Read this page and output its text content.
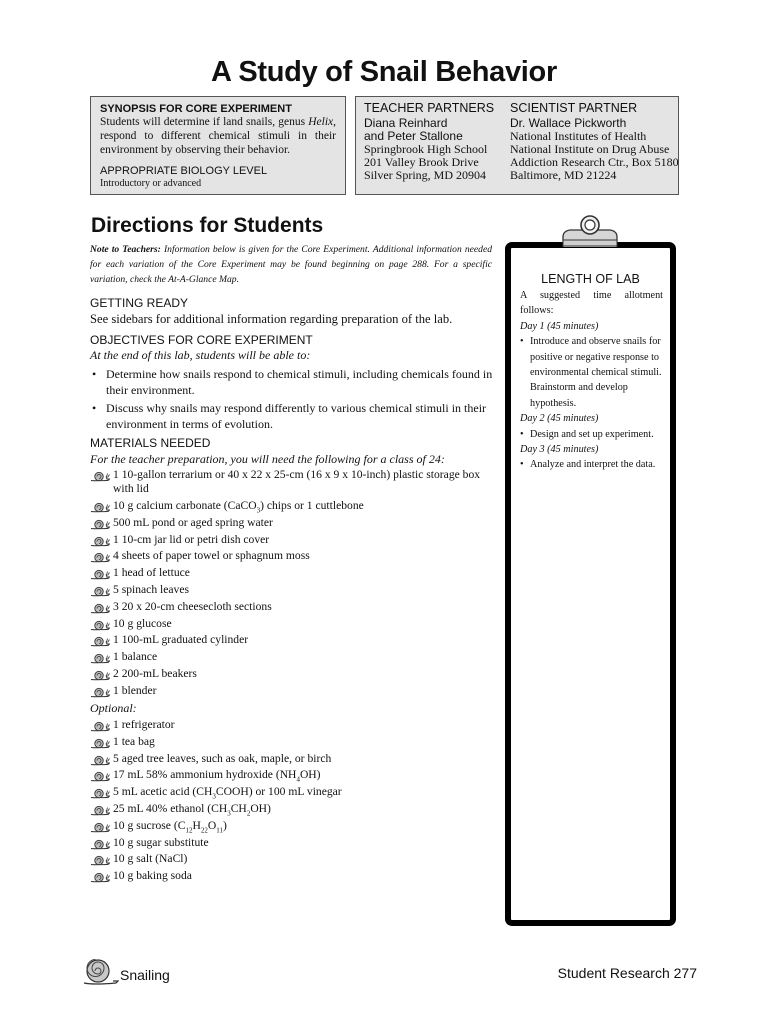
A Study of Snail Behavior
SYNOPSIS FOR CORE EXPERIMENT
Students will determine if land snails, genus Helix, respond to different chemical stimuli in their environment by observing their behavior.
APPROPRIATE BIOLOGY LEVEL
Introductory or advanced
TEACHER PARTNERS
Diana Reinhard
and Peter Stallone
Springbrook High School
201 Valley Brook Drive
Silver Spring, MD 20904
SCIENTIST PARTNER
Dr. Wallace Pickworth
National Institutes of Health
National Institute on Drug Abuse
Addiction Research Ctr., Box 5180
Baltimore, MD 21224
Directions for Students
Note to Teachers: Information below is given for the Core Experiment. Additional information needed for each variation of the Core Experiment may be found beginning on page 288. For a specific variation, check the At-A-Glance Map.
GETTING READY
See sidebars for additional information regarding preparation of the lab.
OBJECTIVES FOR CORE EXPERIMENT
At the end of this lab, students will be able to:
• Determine how snails respond to chemical stimuli, including chemicals found in their environment.
• Discuss why snails may respond differently to various chemical stimuli in their environment in terms of evolution.
MATERIALS NEEDED
For the teacher preparation, you will need the following for a class of 24:
1 10-gallon terrarium or 40 x 22 x 25-cm (16 x 9 x 10-inch) plastic storage box with lid
10 g calcium carbonate (CaCO$_3$) chips or 1 cuttlebone
500 mL pond or aged spring water
1 10-cm jar lid or petri dish cover
4 sheets of paper towel or sphagnum moss
1 head of lettuce
5 spinach leaves
3 20 x 20-cm cheesecloth sections
10 g glucose
1 100-mL graduated cylinder
1 balance
2 200-mL beakers
1 blender
Optional:
1 refrigerator
1 tea bag
5 aged tree leaves, such as oak, maple, or birch
17 mL 58% ammonium hydroxide $(NH_4OH)$
5 mL acetic acid $(CH_3COOH)$ or 100 mL vinegar
25 mL 40% ethanol $(CH_3CH_2OH)$
10 g sucrose $(C_{12}H_{22}O_{11})$
10 g sugar substitute
10 g salt (NaCl)
10 g baking soda
LENGTH OF LAB
A suggested time allotment follows:
Day 1 (45 minutes)
• Introduce and observe snails for positive or negative response to environmental chemical stimuli. Brainstorm and develop hypothesis.
Day 2 (45 minutes)
• Design and set up experiment.
Day 3 (45 minutes)
• Analyze and interpret the data.
Snailing	Student Research 277
